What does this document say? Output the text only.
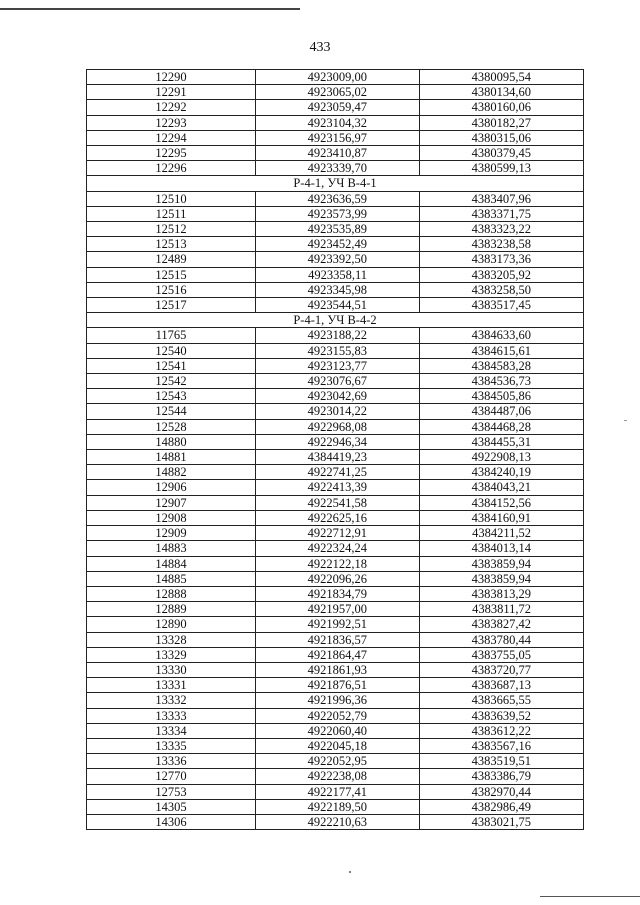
433
12290	4923009,00	4380095,54
12291	4923065,02	4380134,60
12292	4923059,47	4380160,06
12293	4923104,32	4380182,27
12294	4923156,97	4380315,06
12295	4923410,87	4380379,45
12296	4923339,70	4380599,13
Р-4-1, УЧ В-4-1		
12510	4923636,59	4383407,96
12511	4923573,99	4383371,75
12512	4923535,89	4383323,22
12513	4923452,49	4383238,58
12489	4923392,50	4383173,36
12515	4923358,11	4383205,92
12516	4923345,98	4383258,50
12517	4923544,51	4383517,45
Р-4-1, УЧ В-4-2		
11765	4923188,22	4384633,60
12540	4923155,83	4384615,61
12541	4923123,77	4384583,28
12542	4923076,67	4384536,73
12543	4923042,69	4384505,86
12544	4923014,22	4384487,06
12528	4922968,08	4384468,28
14880	4922946,34	4384455,31
14881	4384419,23	4922908,13
14882	4922741,25	4384240,19
12906	4922413,39	4384043,21
12907	4922541,58	4384152,56
12908	4922625,16	4384160,91
12909	4922712,91	4384211,52
14883	4922324,24	4384013,14
14884	4922122,18	4383859,94
14885	4922096,26	4383859,94
12888	4921834,79	4383813,29
12889	4921957,00	4383811,72
12890	4921992,51	4383827,42
13328	4921836,57	4383780,44
13329	4921864,47	4383755,05
13330	4921861,93	4383720,77
13331	4921876,51	4383687,13
13332	4921996,36	4383665,55
13333	4922052,79	4383639,52
13334	4922060,40	4383612,22
13335	4922045,18	4383567,16
13336	4922052,95	4383519,51
12770	4922238,08	4383386,79
12753	4922177,41	4382970,44
14305	4922189,50	4382986,49
14306	4922210,63	4383021,75
